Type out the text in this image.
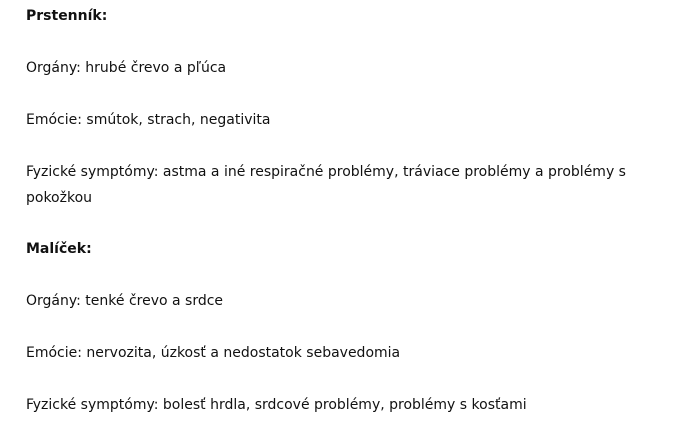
Prstenník:
Orgány: hrubé črevo a pľúca
Emócie: smútok, strach, negativita
Fyzické symptómy: astma a iné respiračné problémy, tráviace problémy a problémy s pokožkou
Malíček:
Orgány: tenké črevo a srdce
Emócie: nervozita, úzkosť a nedostatok sebavedomia
Fyzické symptómy: bolesť hrdla, srdcové problémy, problémy s kosťami
